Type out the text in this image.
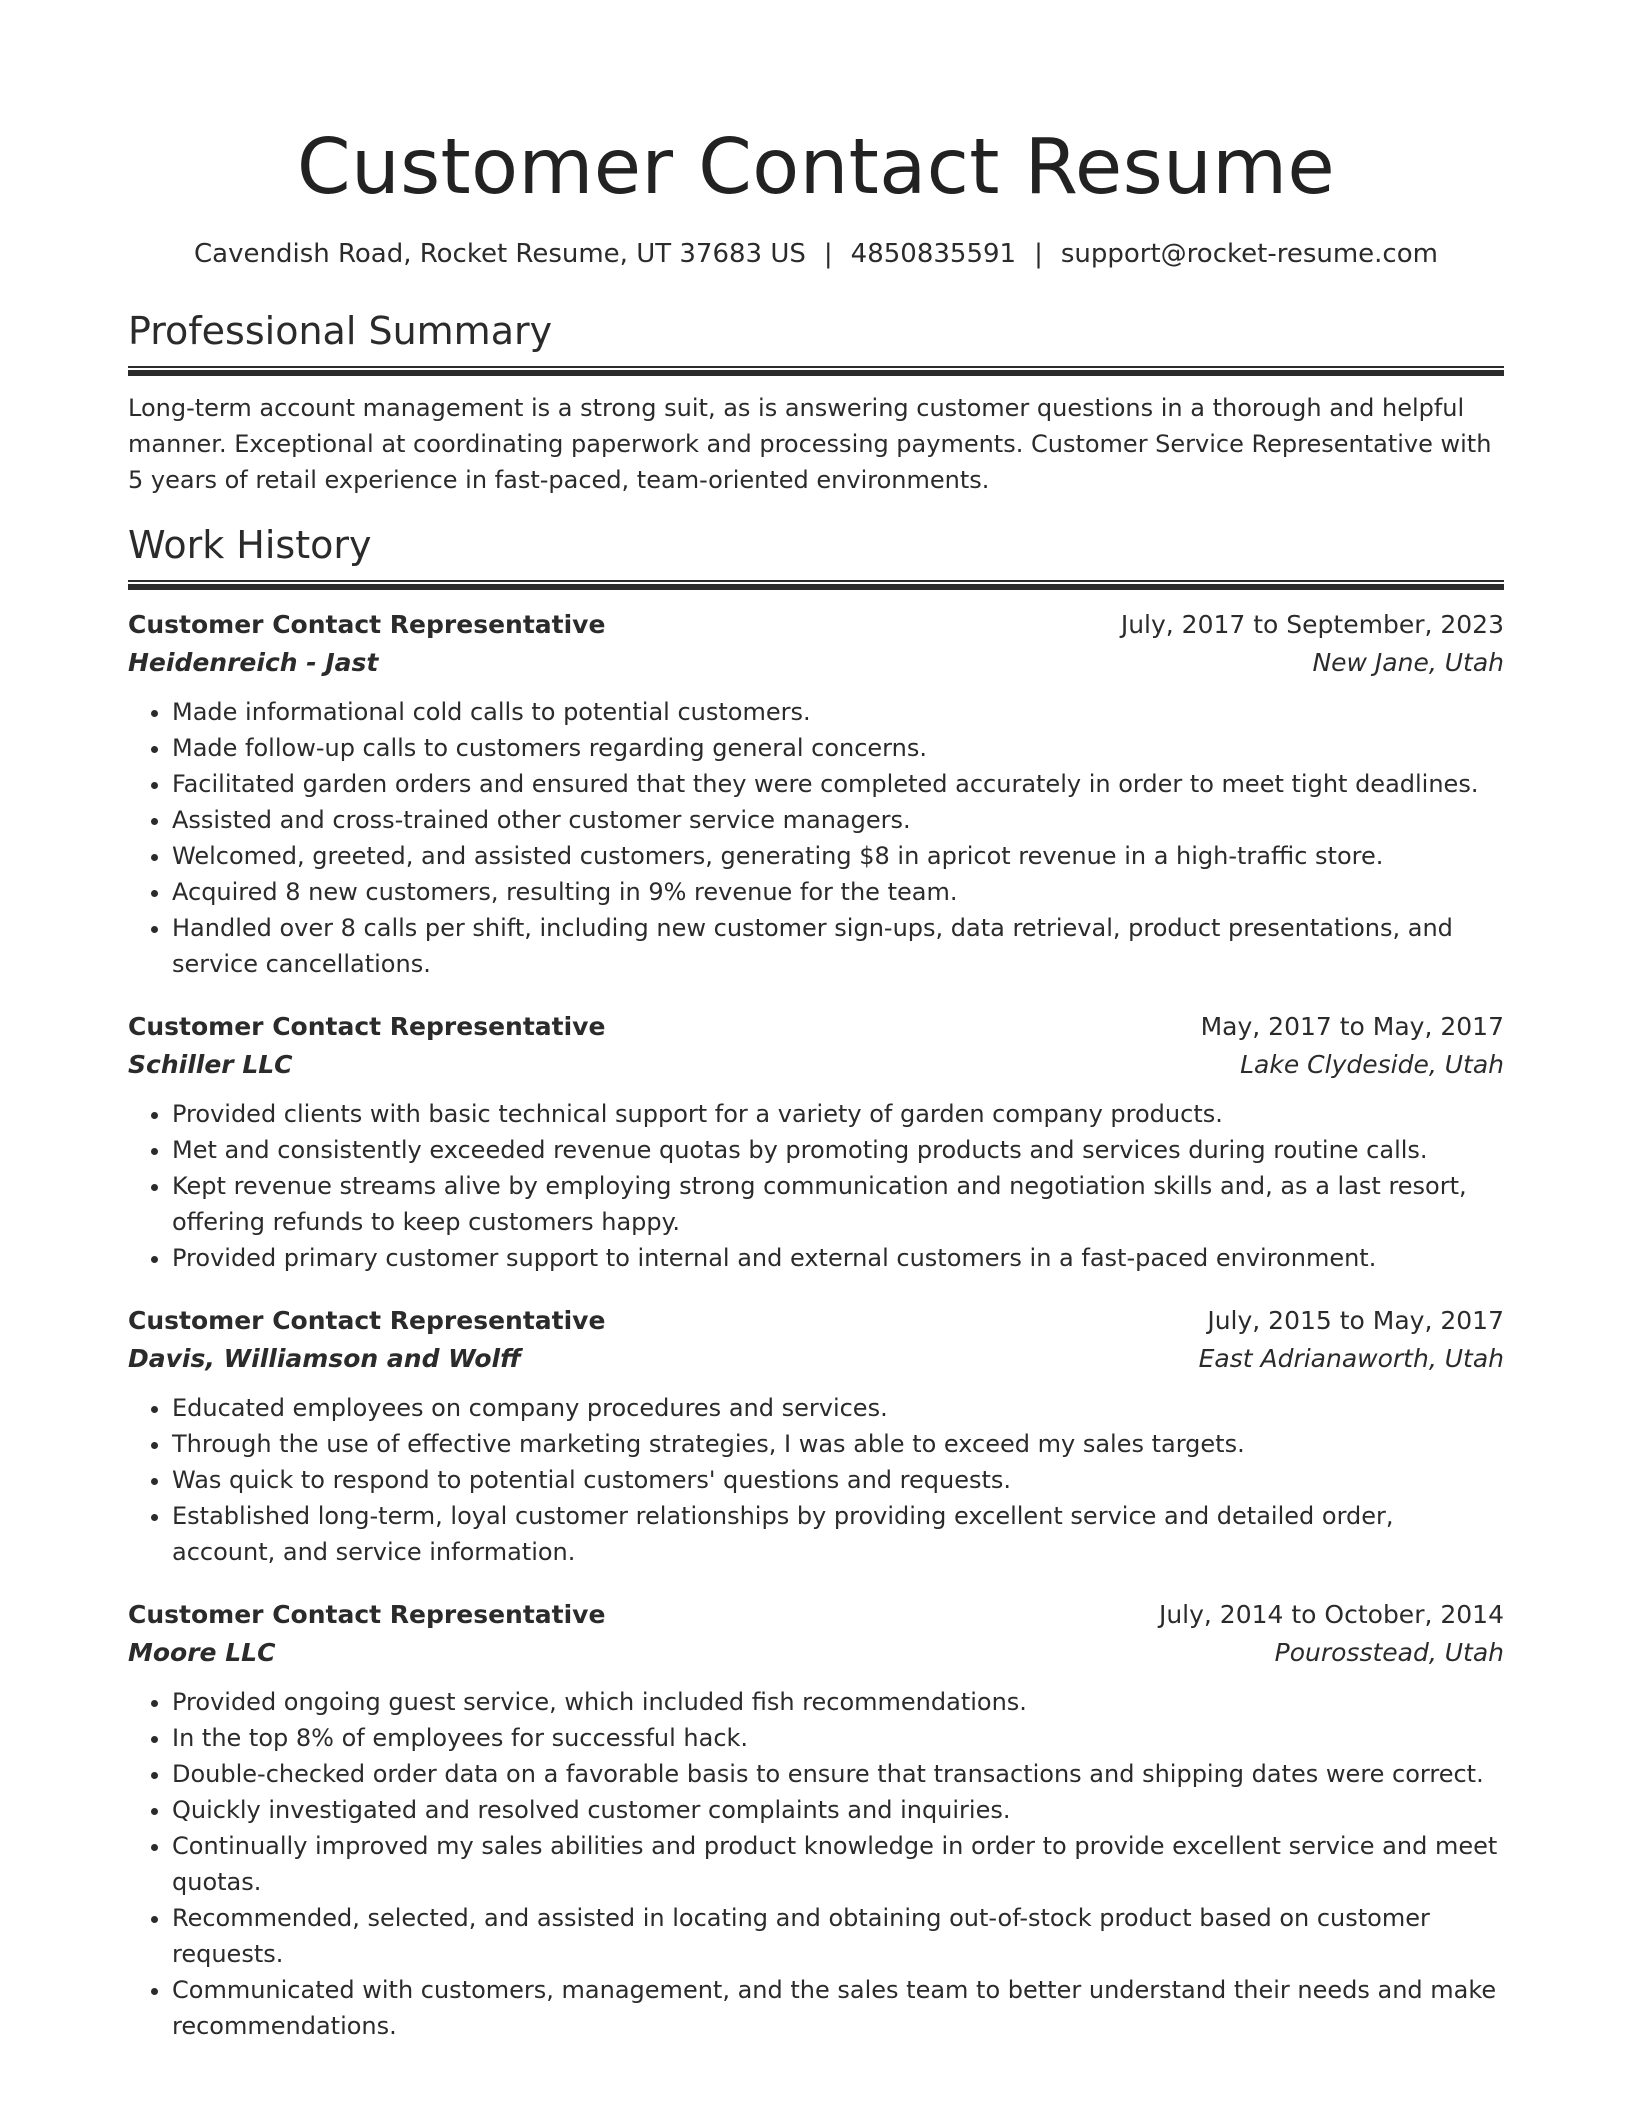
Customer Contact Resume
Cavendish Road, Rocket Resume, UT 37683 US | 4850835591 | support@rocket-resume.com
Professional Summary
Long-term account management is a strong suit, as is answering customer questions in a thorough and helpful manner. Exceptional at coordinating paperwork and processing payments. Customer Service Representative with 5 years of retail experience in fast-paced, team-oriented environments.
Work History
Customer Contact Representative	July, 2017 to September, 2023
Heidenreich - Jast	New Jane, Utah
• Made informational cold calls to potential customers.
• Made follow-up calls to customers regarding general concerns.
• Facilitated garden orders and ensured that they were completed accurately in order to meet tight deadlines.
• Assisted and cross-trained other customer service managers.
• Welcomed, greeted, and assisted customers, generating $8 in apricot revenue in a high-traffic store.
• Acquired 8 new customers, resulting in 9% revenue for the team.
• Handled over 8 calls per shift, including new customer sign-ups, data retrieval, product presentations, and service cancellations.
Customer Contact Representative	May, 2017 to May, 2017
Schiller LLC	Lake Clydeside, Utah
• Provided clients with basic technical support for a variety of garden company products.
• Met and consistently exceeded revenue quotas by promoting products and services during routine calls.
• Kept revenue streams alive by employing strong communication and negotiation skills and, as a last resort, offering refunds to keep customers happy.
• Provided primary customer support to internal and external customers in a fast-paced environment.
Customer Contact Representative	July, 2015 to May, 2017
Davis, Williamson and Wolff	East Adrianaworth, Utah
• Educated employees on company procedures and services.
• Through the use of effective marketing strategies, I was able to exceed my sales targets.
• Was quick to respond to potential customers' questions and requests.
• Established long-term, loyal customer relationships by providing excellent service and detailed order, account, and service information.
Customer Contact Representative	July, 2014 to October, 2014
Moore LLC	Pourosstead, Utah
• Provided ongoing guest service, which included fish recommendations.
• In the top 8% of employees for successful hack.
• Double-checked order data on a favorable basis to ensure that transactions and shipping dates were correct.
• Quickly investigated and resolved customer complaints and inquiries.
• Continually improved my sales abilities and product knowledge in order to provide excellent service and meet quotas.
• Recommended, selected, and assisted in locating and obtaining out-of-stock product based on customer requests.
• Communicated with customers, management, and the sales team to better understand their needs and make recommendations.
